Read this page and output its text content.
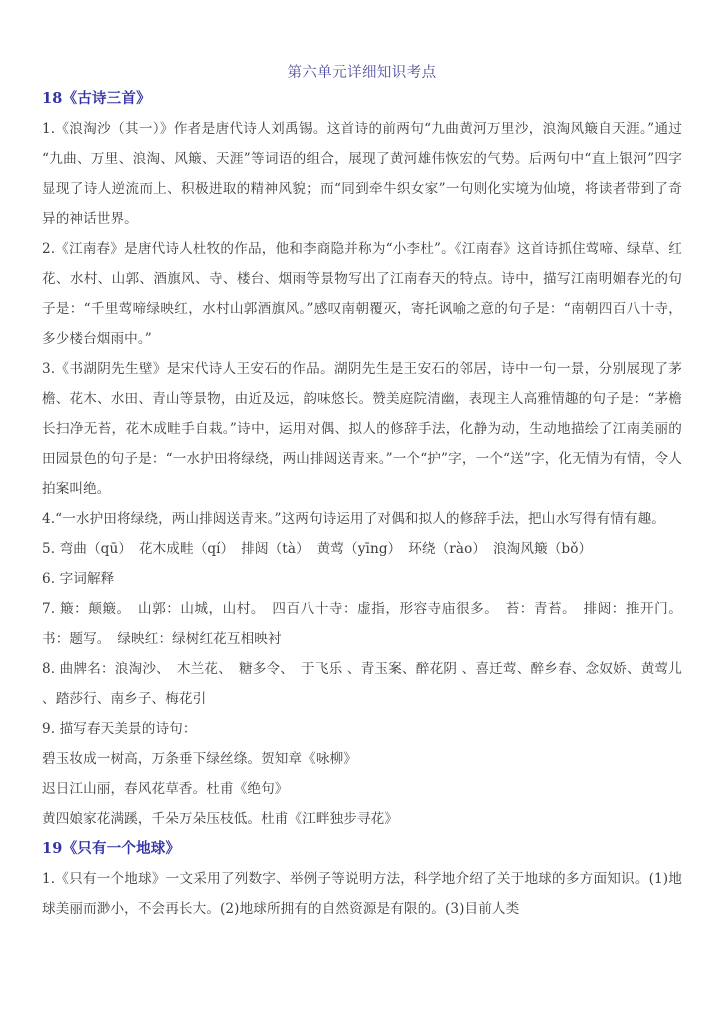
第六单元详细知识考点
18《古诗三首》

1.《浪淘沙（其一）》作者是唐代诗人刘禹锡。这首诗的前两句“九曲黄河万里沙，浪淘风簸自天涯。”通过“九曲、万里、浪淘、风簸、天涯”等词语的组合，展现了黄河雄伟恢宏的气势。后两句中“直上银河”四字显现了诗人逆流而上、积极进取的精神风貌；而“同到牵牛织女家”一句则化实境为仙境，将读者带到了奇异的神话世界。

2.《江南春》是唐代诗人杜牧的作品，他和李商隐并称为“小李杜”。《江南春》这首诗抓住莺啼、绿草、红花、水村、山郭、酒旗风、寺、楼台、烟雨等景物写出了江南春天的特点。诗中，描写江南明媚春光的句子是：“千里莺啼绿映红，水村山郭酒旗风。”感叹南朝覆灭，寄托讽喻之意的句子是：“南朝四百八十寺，多少楼台烟雨中。”

3.《书湖阴先生壁》是宋代诗人王安石的作品。湖阴先生是王安石的邻居，诗中一句一景，分别展现了茅檐、花木、水田、青山等景物，由近及远，韵味悠长。赞美庭院清幽，表现主人高雅情趣的句子是：“茅檐长扫净无苔，花木成畦手自栽。”诗中，运用对偶、拟人的修辞手法，化静为动，生动地描绘了江南美丽的田园景色的句子是：“一水护田将绿绕，两山排闼送青来。”一个“护”字，一个“送”字，化无情为有情，令人拍案叫绝。

4.“一水护田将绿绕，两山排闼送青来。”这两句诗运用了对偶和拟人的修辞手法，把山水写得有情有趣。

5. 弯曲（qū）　花木成畦（qí）　排闼（tà）　黄莺（yīng）　环绕（rào）　浪淘风簸（bǒ）

6. 字词解释

7. 簸：颠簸。　山郭：山城，山村。　四百八十寺：虚指，形容寺庙很多。　苔：青苔。　排闼：推开门。书：题写。　绿映红：绿树红花互相映衬

8. 曲牌名：浪淘沙、　木兰花、　糖多令、　于飞乐 、青玉案、醉花阴 、喜迁莺、醉乡春、念奴娇、黄莺儿 、踏莎行、南乡子、梅花引

9. 描写春天美景的诗句：

碧玉妆成一树高，万条垂下绿丝绦。贺知章《咏柳》

迟日江山丽，春风花草香。杜甫《绝句》

黄四娘家花满蹊，千朵万朵压枝低。杜甫《江畔独步寻花》

19《只有一个地球》

1.《只有一个地球》一文采用了列数字、举例子等说明方法，科学地介绍了关于地球的多方面知识。(1)地球美丽而渺小，不会再长大。(2)地球所拥有的自然资源是有限的。(3)目前人类
